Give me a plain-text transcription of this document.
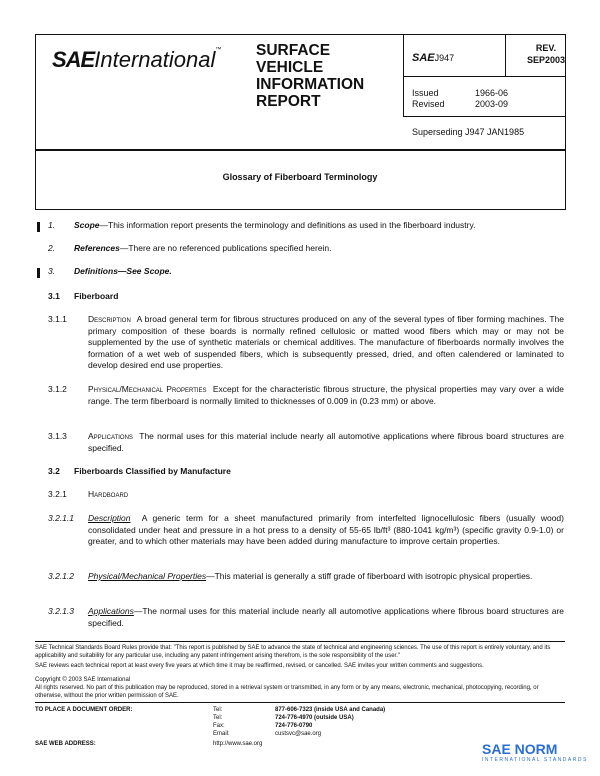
SAEInternational™ SURFACE
VEHICLE
INFORMATION
REPORT
SAEJ947
REV.
SEP2003
Issued	1966-06
Revised	2003-09
Superseding J947 JAN1985
Glossary of Fiberboard Terminology
1. Scope—This information report presents the terminology and definitions as used in the fiberboard industry.
2. References—There are no referenced publications specified herein.
3. Definitions—See Scope.
3.1 Fiberboard
3.1.1 Description A broad general term for fibrous structures produced on any of the several types of fiber forming machines. The primary composition of these boards is normally refined cellulosic or matted wood fibers which may or may not be supplemented by the use of synthetic materials or chemical additives. The manufacture of fiberboards normally involves the formation of a wet web of suspended fibers, which is subsequently pressed, dried, and often calendered or laminated to develop desired end use properties.
3.1.2 Physical/Mechanical Properties Except for the characteristic fibrous structure, the physical properties may vary over a wide range. The term fiberboard is normally limited to thicknesses of 0.009 in (0.23 mm) or above.
3.1.3 Applications The normal uses for this material include nearly all automotive applications where fibrous board structures are specified.
3.2 Fiberboards Classified by Manufacture
3.2.1 Hardboard
3.2.1.1 Description A generic term for a sheet manufactured primarily from interfelted lignocellulosic fibers (usually wood) consolidated under heat and pressure in a hot press to a density of 55-65 lb/ft³ (880-1041 kg/m³) (specific gravity 0.9-1.0) or greater, and to which other materials may have been added during manufacture to improve certain properties.
3.2.1.2 Physical/Mechanical Properties—This material is generally a stiff grade of fiberboard with isotropic physical properties.
3.2.1.3 Applications—The normal uses for this material include nearly all automotive applications where fibrous board structures are specified.
SAE Technical Standards Board Rules provide that: "This report is published by SAE to advance the state of technical and engineering sciences. The use of this report is entirely voluntary, and its applicability and suitability for any particular use, including any patent infringement arising therefrom, is the sole responsibility of the user."
SAE reviews each technical report at least every five years at which time it may be reaffirmed, revised, or cancelled. SAE invites your written comments and suggestions.
Copyright © 2003 SAE International
All rights reserved. No part of this publication may be reproduced, stored in a retrieval system or transmitted, in any form or by any means, electronic, mechanical, photocopying, recording, or otherwise, without the prior written permission of SAE.
TO PLACE A DOCUMENT ORDER:	Tel:	877-606-7323 (inside USA and Canada)
Tel:	724-776-4970 (outside USA)
Fax:	724-776-0790
Email:	custsvc@sae.org
SAE WEB ADDRESS:	http://www.sae.org	SAE NORM
INTERNATIONAL STANDARDS
